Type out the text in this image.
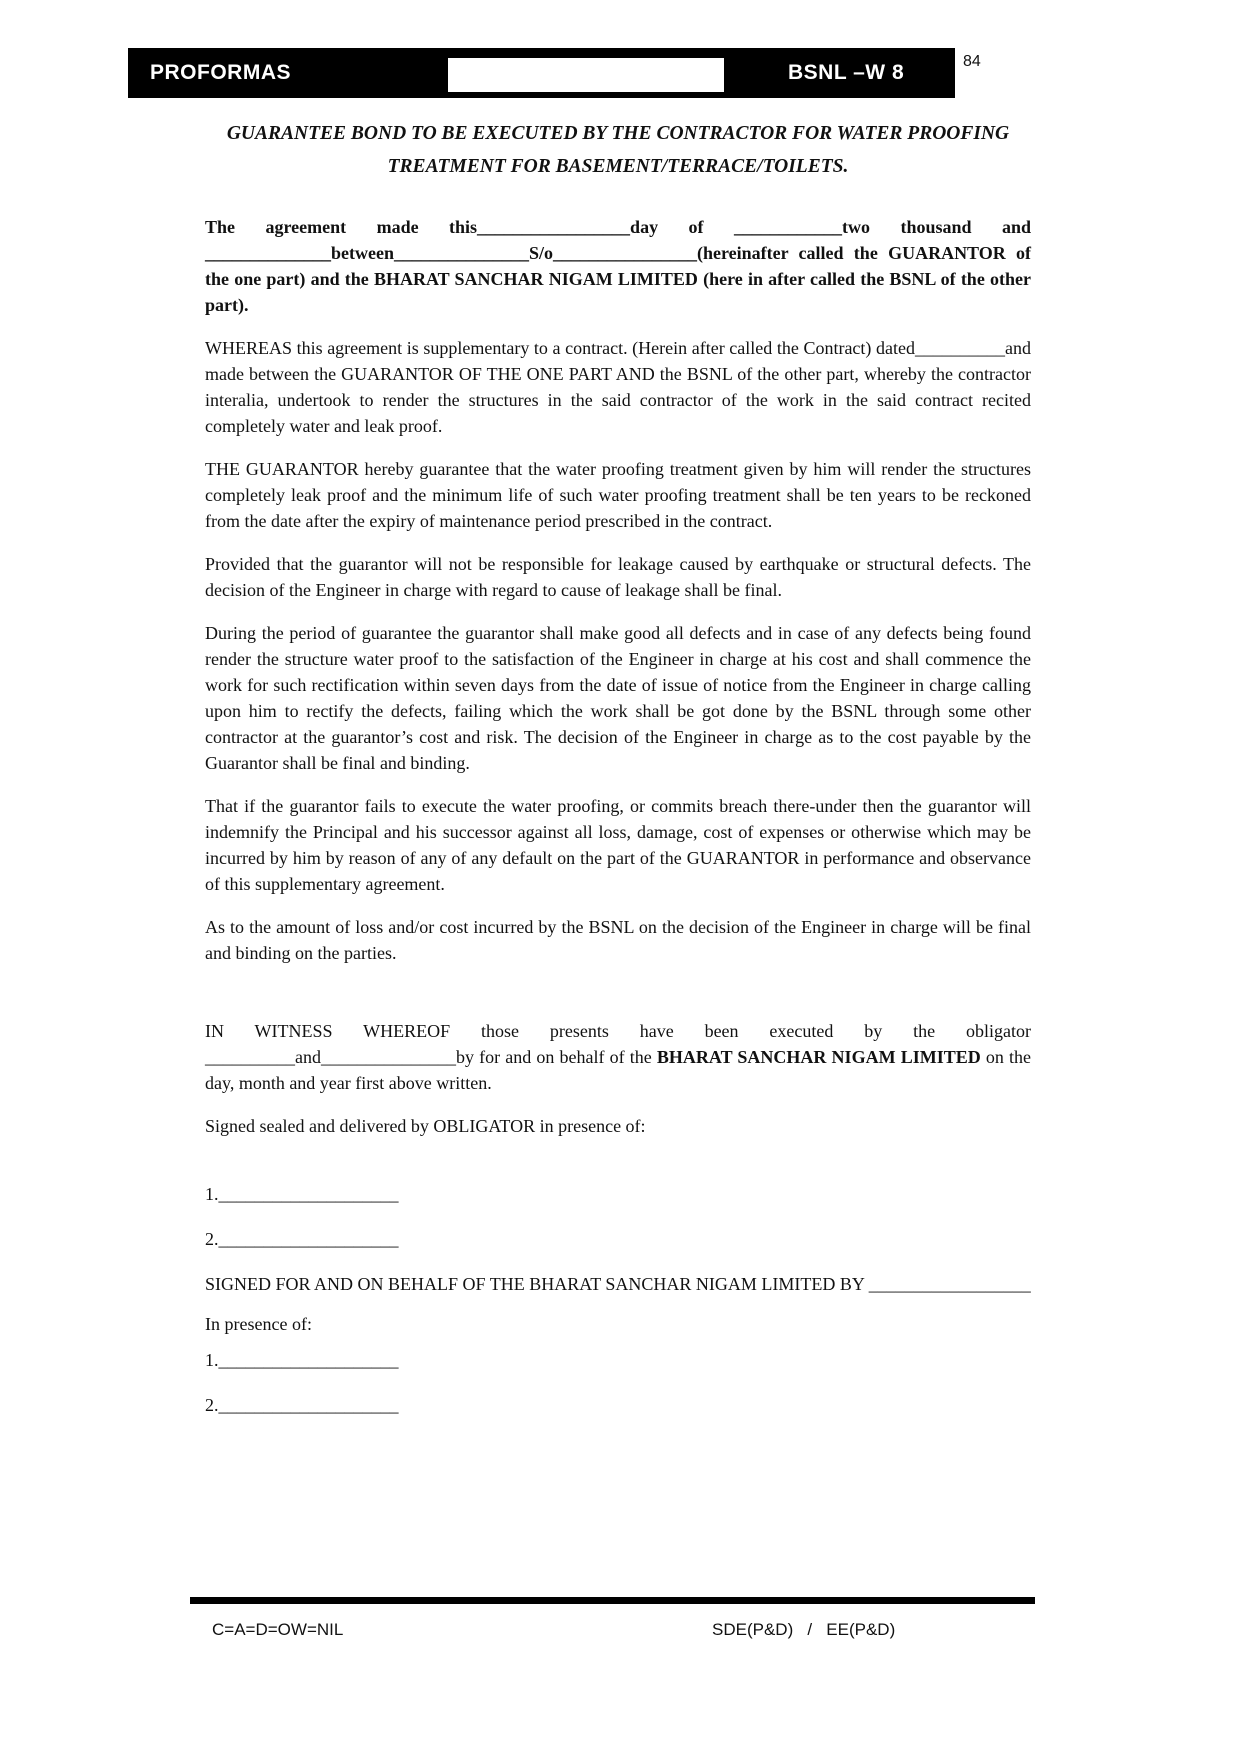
PROFORMAS	BSNL –W 8	84
GUARANTEE BOND TO BE EXECUTED BY THE CONTRACTOR FOR WATER PROOFING TREATMENT FOR BASEMENT/TERRACE/TOILETS.

The agreement made this_________________day of ____________two thousand and ______________between_______________S/o________________(hereinafter called the GUARANTOR of the one part) and the BHARAT SANCHAR NIGAM LIMITED (here in after called the BSNL of the other part).

WHEREAS this agreement is supplementary to a contract. (Herein after called the Contract) dated__________and made between the GUARANTOR OF THE ONE PART AND the BSNL of the other part, whereby the contractor interalia, undertook to render the structures in the said contractor of the work in the said contract recited completely water and leak proof.

THE GUARANTOR hereby guarantee that the water proofing treatment given by him will render the structures completely leak proof and the minimum life of such water proofing treatment shall be ten years to be reckoned from the date after the expiry of maintenance period prescribed in the contract.

Provided that the guarantor will not be responsible for leakage caused by earthquake or structural defects. The decision of the Engineer in charge with regard to cause of leakage shall be final.

During the period of guarantee the guarantor shall make good all defects and in case of any defects being found render the structure water proof to the satisfaction of the Engineer in charge at his cost and shall commence the work for such rectification within seven days from the date of issue of notice from the Engineer in charge calling upon him to rectify the defects, failing which the work shall be got done by the BSNL through some other contractor at the guarantor’s cost and risk. The decision of the Engineer in charge as to the cost payable by the Guarantor shall be final and binding.

That if the guarantor fails to execute the water proofing, or commits breach there-under then the guarantor will indemnify the Principal and his successor against all loss, damage, cost of expenses or otherwise which may be incurred by him by reason of any of any default on the part of the GUARANTOR in performance and observance of this supplementary agreement.

As to the amount of loss and/or cost incurred by the BSNL on the decision of the Engineer in charge will be final and binding on the parties.

IN WITNESS WHEREOF those presents have been executed by the obligator __________and_______________by for and on behalf of the BHARAT SANCHAR NIGAM LIMITED on the day, month and year first above written.

Signed sealed and delivered by OBLIGATOR in presence of:

1.____________________

2.____________________

SIGNED FOR AND ON BEHALF OF THE BHARAT SANCHAR NIGAM LIMITED BY __________________

In presence of:

1.____________________

2.____________________

C=A=D=OW=NIL	SDE(P&D)   /   EE(P&D)
